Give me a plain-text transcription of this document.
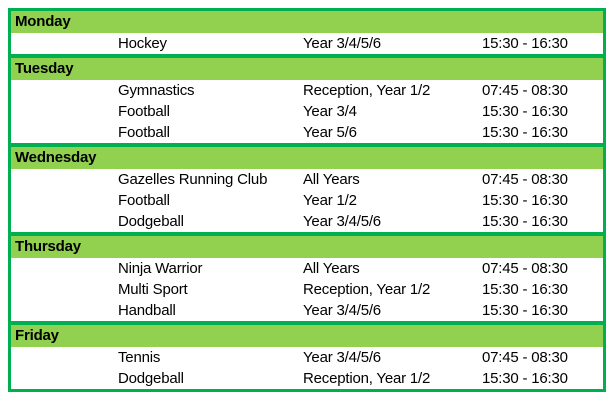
Monday
Hockey	Year 3/4/5/6	15:30 - 16:30
Tuesday
Gymnastics	Reception, Year 1/2	07:45 - 08:30
Football	Year 3/4	15:30 - 16:30
Football	Year 5/6	15:30 - 16:30
Wednesday
Gazelles Running Club	All Years	07:45 - 08:30
Football	Year 1/2	15:30 - 16:30
Dodgeball	Year 3/4/5/6	15:30 - 16:30
Thursday
Ninja Warrior	All Years	07:45 - 08:30
Multi Sport	Reception, Year 1/2	15:30 - 16:30
Handball	Year 3/4/5/6	15:30 - 16:30
Friday
Tennis	Year 3/4/5/6	07:45 - 08:30
Dodgeball	Reception, Year 1/2	15:30 - 16:30
